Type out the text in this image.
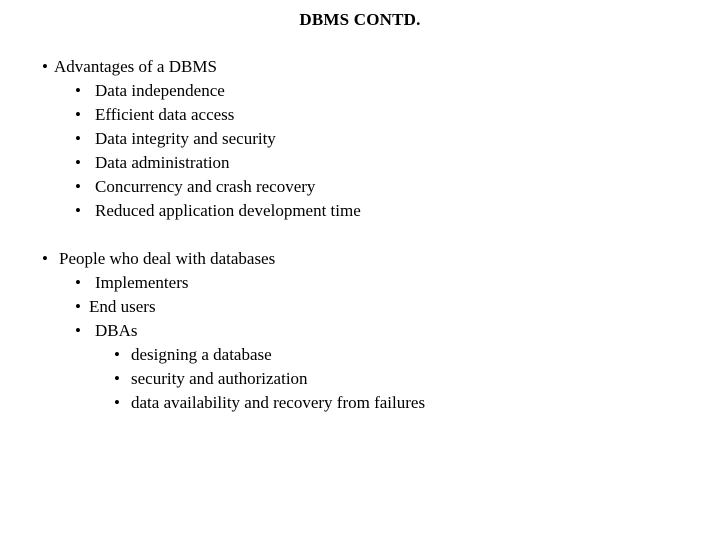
DBMS CONTD.
• Advantages of a DBMS
• Data independence
• Efficient data access
• Data integrity and security
• Data administration
• Concurrency and crash recovery
• Reduced application development time
• People who deal with databases
• Implementers
• End users
• DBAs
• designing a database
• security and authorization
• data availability and recovery from failures
